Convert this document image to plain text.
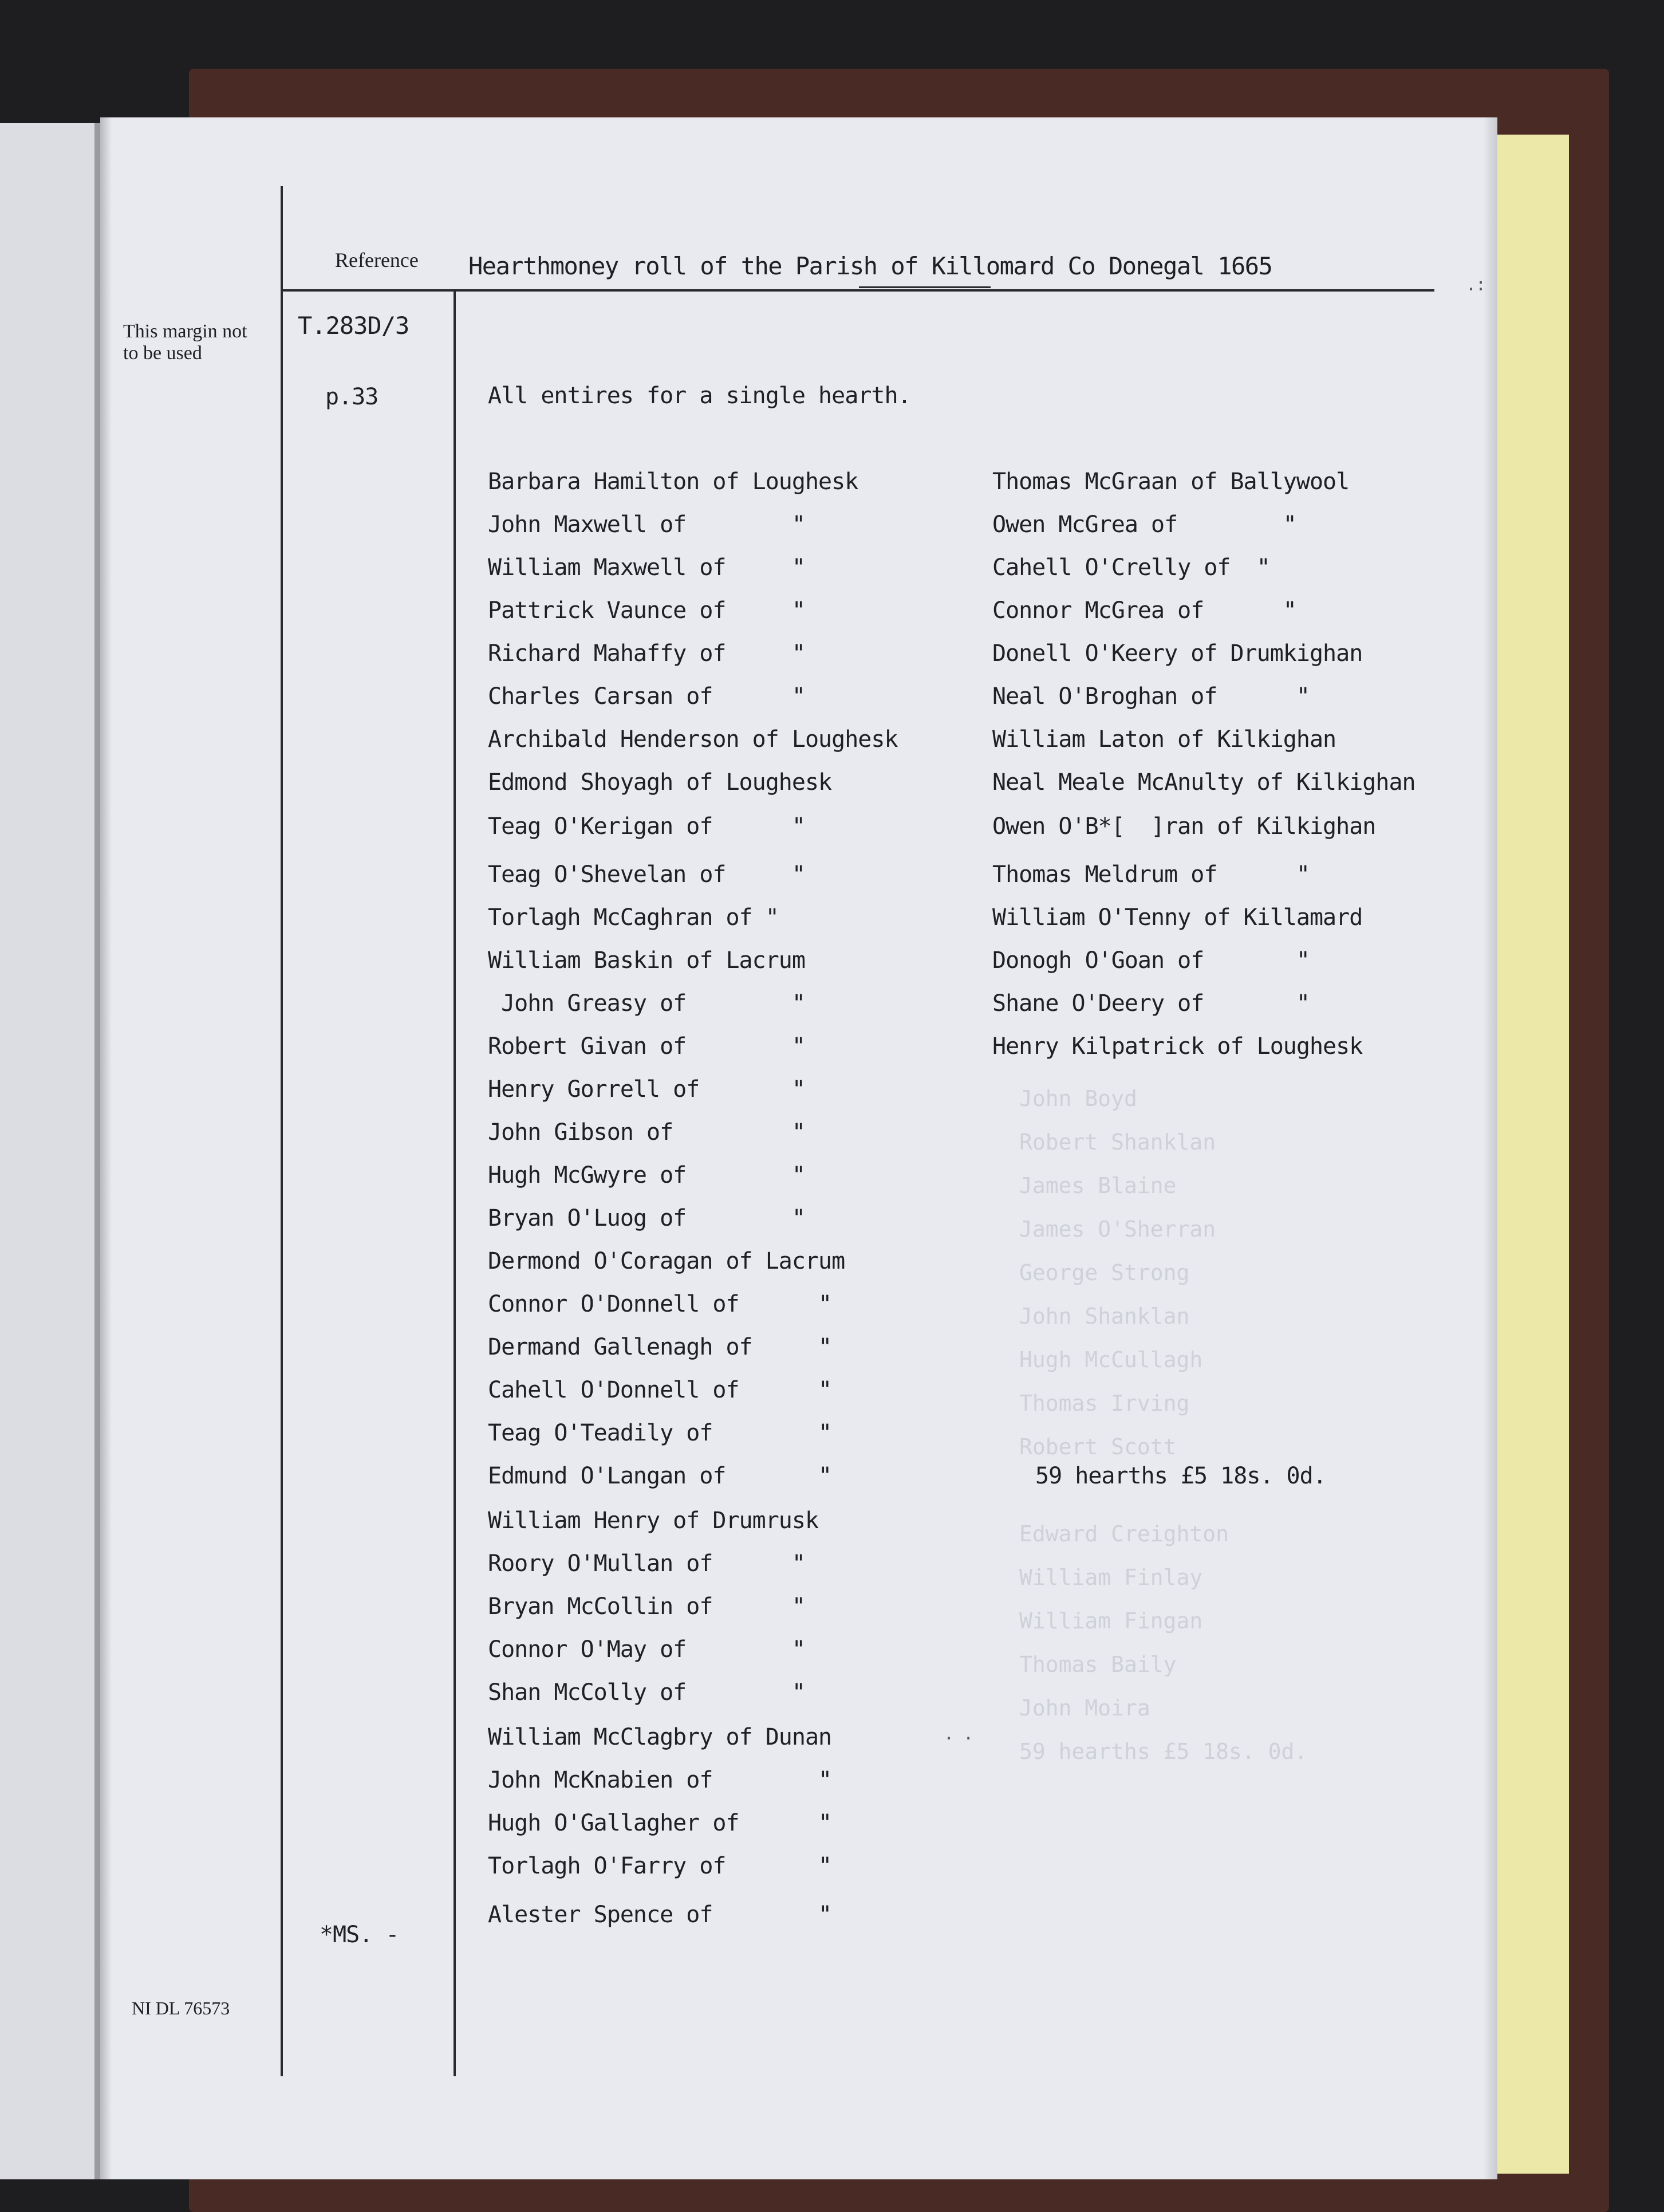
John Boyd
Robert Shanklan
James Blaine
James O'Sherran
George Strong
John Shanklan
Hugh McCullagh
Thomas Irving
Robert Scott
Edward Creighton
William Finlay
William Fingan
Thomas Baily
John Moira
59 hearths £5 18s. 0d.
Reference Hearthmoney roll of the Parish of Killomard Co Donegal 1665
This margin not to be used
NI DL 76573
T.283D/3
p.33
*MS. -
All entires for a single hearth.
Barbara Hamilton of Loughesk
John Maxwell of        "
William Maxwell of     "
Pattrick Vaunce of     "
Richard Mahaffy of     "
Charles Carsan of      "
Archibald Henderson of Loughesk
Edmond Shoyagh of Loughesk
Teag O'Kerigan of      "
Teag O'Shevelan of     "
Torlagh McCaghran of "
William Baskin of Lacrum
John Greasy of        "
Robert Givan of        "
Henry Gorrell of       "
John Gibson of         "
Hugh McGwyre of        "
Bryan O'Luog of        "
Dermond O'Coragan of Lacrum
Connor O'Donnell of      "
Dermand Gallenagh of     "
Cahell O'Donnell of      "
Teag O'Teadily of        "
Edmund O'Langan of       "
William Henry of Drumrusk
Roory O'Mullan of      "
Bryan McCollin of      "
Connor O'May of        "
Shan McColly of        "
William McClagbry of Dunan
John McKnabien of        "
Hugh O'Gallagher of      "
Torlagh O'Farry of       "
Alester Spence of        "
Thomas McGraan of Ballywool
Owen McGrea of        "
Cahell O'Crelly of  "
Connor McGrea of      "
Donell O'Keery of Drumkighan
Neal O'Broghan of      "
William Laton of Kilkighan
Neal Meale McAnulty of Kilkighan
Owen O'B*[  ]ran of Kilkighan
Thomas Meldrum of      "
William O'Tenny of Killamard
Donogh O'Goan of       "
Shane O'Deery of       "
Henry Kilpatrick of Loughesk
59 hearths £5 18s. 0d.
. .
.:
